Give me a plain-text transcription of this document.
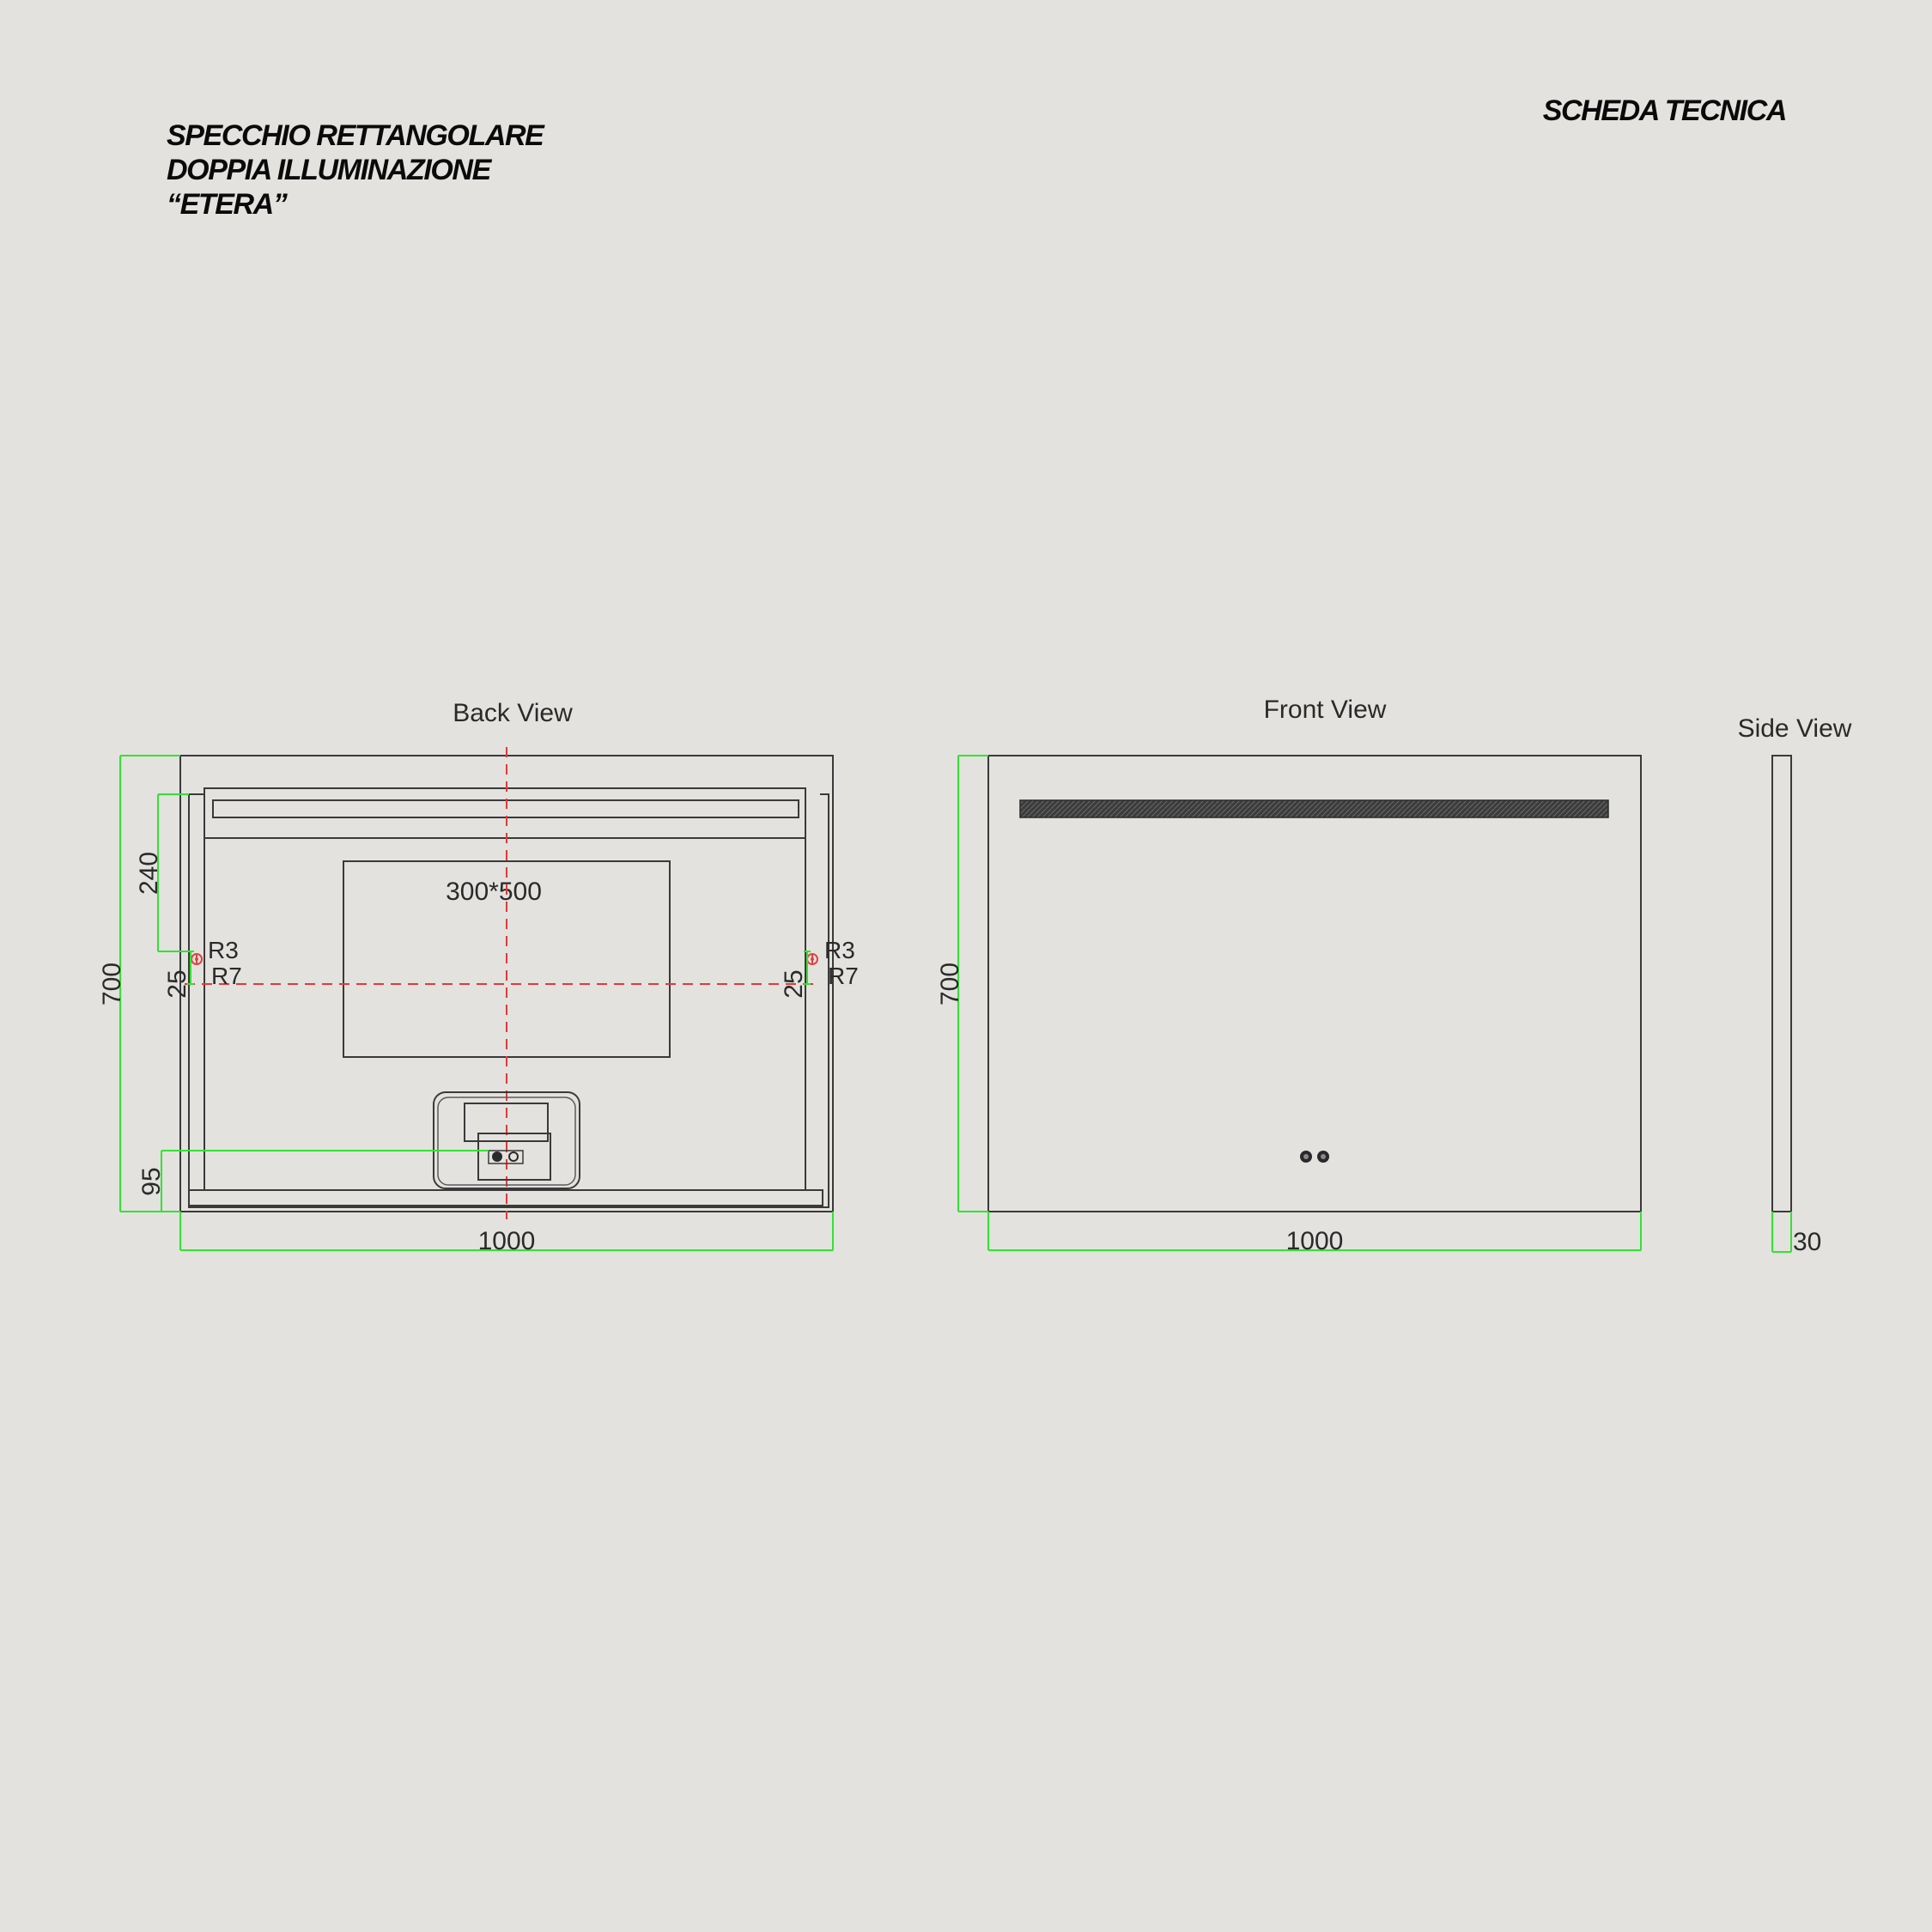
SPECCHIO RETTANGOLARE
DOPPIA ILLUMINAZIONE
“ETERA”
SCHEDA TECNICA
Back View
300*500
R3
R7
R3
R7
1000
700
240
25	25
95
Front View
1000
700
Side View
30
